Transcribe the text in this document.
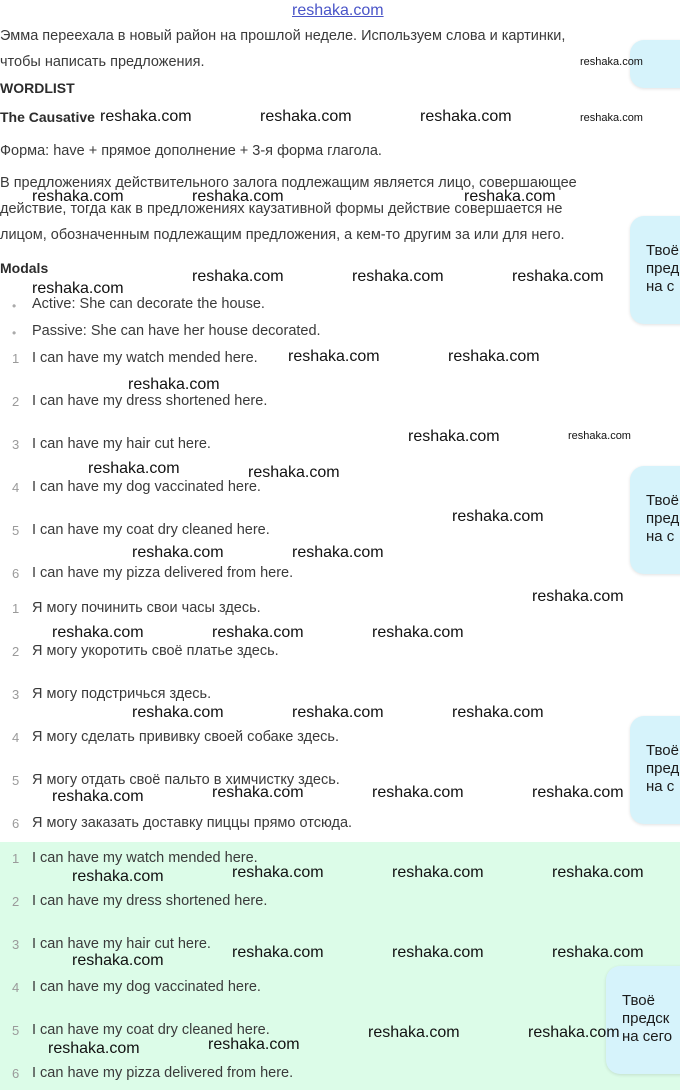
reshaka.com
Эмма переехала в новый район на прошлой неделе. Используем слова и картинки,
чтобы написать предложения.
WORDLIST
The Causative
Форма: have + прямое дополнение + 3-я форма глагола.
В предложениях действительного залога подлежащим является лицо, совершающее
действие, тогда как в предложениях каузативной формы действие совершается не
лицом, обозначенным подлежащим предложения, а кем-то другим за или для него.
Modals
• Active: She can decorate the house.
• Passive: She can have her house decorated.
1 I can have my watch mended here.
2 I can have my dress shortened here.
3 I can have my hair cut here.
4 I can have my dog vaccinated here.
5 I can have my coat dry cleaned here.
6 I can have my pizza delivered from here.
1 Я могу починить свои часы здесь.
2 Я могу укоротить своё платье здесь.
3 Я могу подстричься здесь.
4 Я могу сделать прививку своей собаке здесь.
5 Я могу отдать своё пальто в химчистку здесь.
6 Я могу заказать доставку пиццы прямо отсюда.
1 I can have my watch mended here.
2 I can have my dress shortened here.
3 I can have my hair cut here.
4 I can have my dog vaccinated here.
5 I can have my coat dry cleaned here.
6 I can have my pizza delivered from here.
Твоё
пред
на с
Твоё
пред
на с
Твоё
пред
на с
Твоё
предск
на сего
reshaka.com
reshaka.com	reshaka.com	reshaka.com	reshaka.com
reshaka.com	reshaka.com	reshaka.com
reshaka.com	reshaka.com	reshaka.com
reshaka.com
reshaka.com	reshaka.com
reshaka.com
reshaka.com	reshaka.com
reshaka.com	reshaka.com
reshaka.com
reshaka.com	reshaka.com
reshaka.com
reshaka.com	reshaka.com	reshaka.com
reshaka.com	reshaka.com	reshaka.com
reshaka.com	reshaka.com	reshaka.com	reshaka.com
reshaka.com	reshaka.com	reshaka.com	reshaka.com
reshaka.com	reshaka.com	reshaka.com
reshaka.com
reshaka.com	reshaka.com
reshaka.com
reshaka.com
